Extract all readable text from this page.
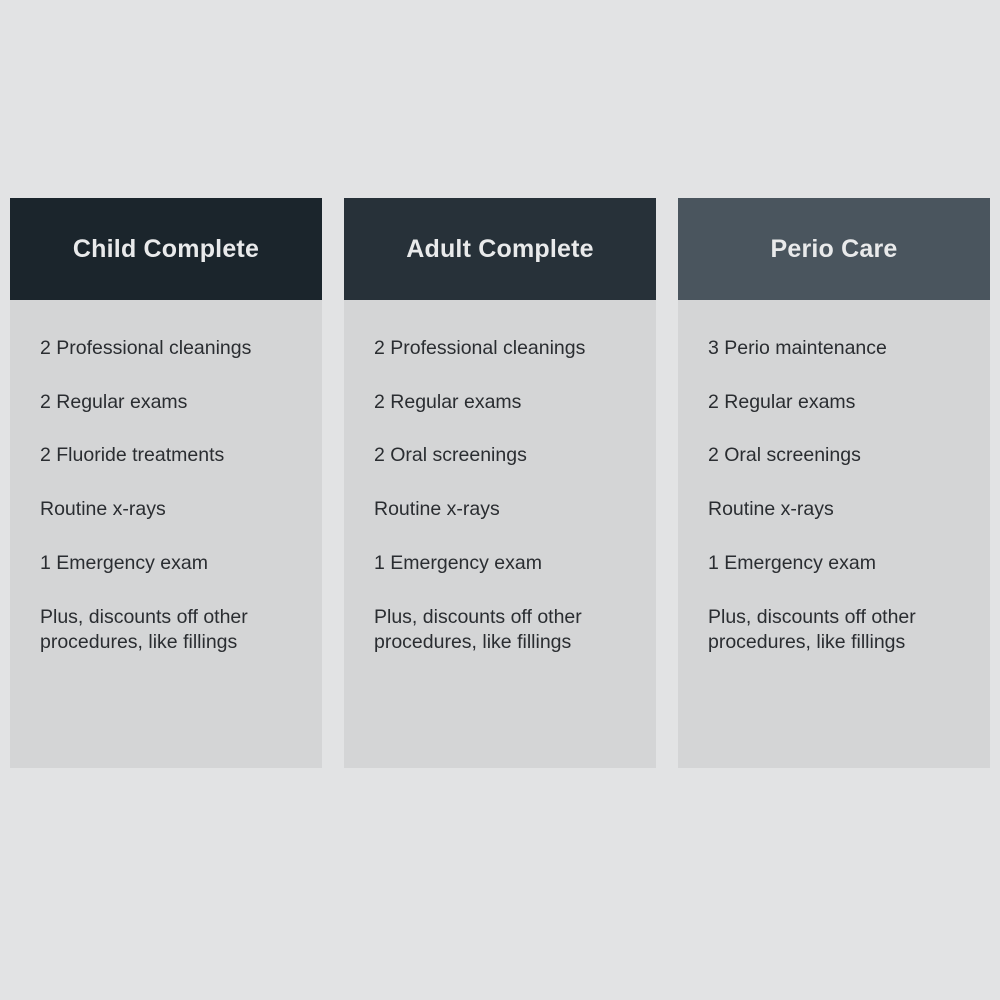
Child Complete
2 Professional cleanings
2 Regular exams
2 Fluoride treatments
Routine x-rays
1 Emergency exam
Plus, discounts off other procedures, like fillings
Adult Complete
2 Professional cleanings
2 Regular exams
2 Oral screenings
Routine x-rays
1 Emergency exam
Plus, discounts off other procedures, like fillings
Perio Care
3 Perio maintenance
2 Regular exams
2 Oral screenings
Routine x-rays
1 Emergency exam
Plus, discounts off other procedures, like fillings
